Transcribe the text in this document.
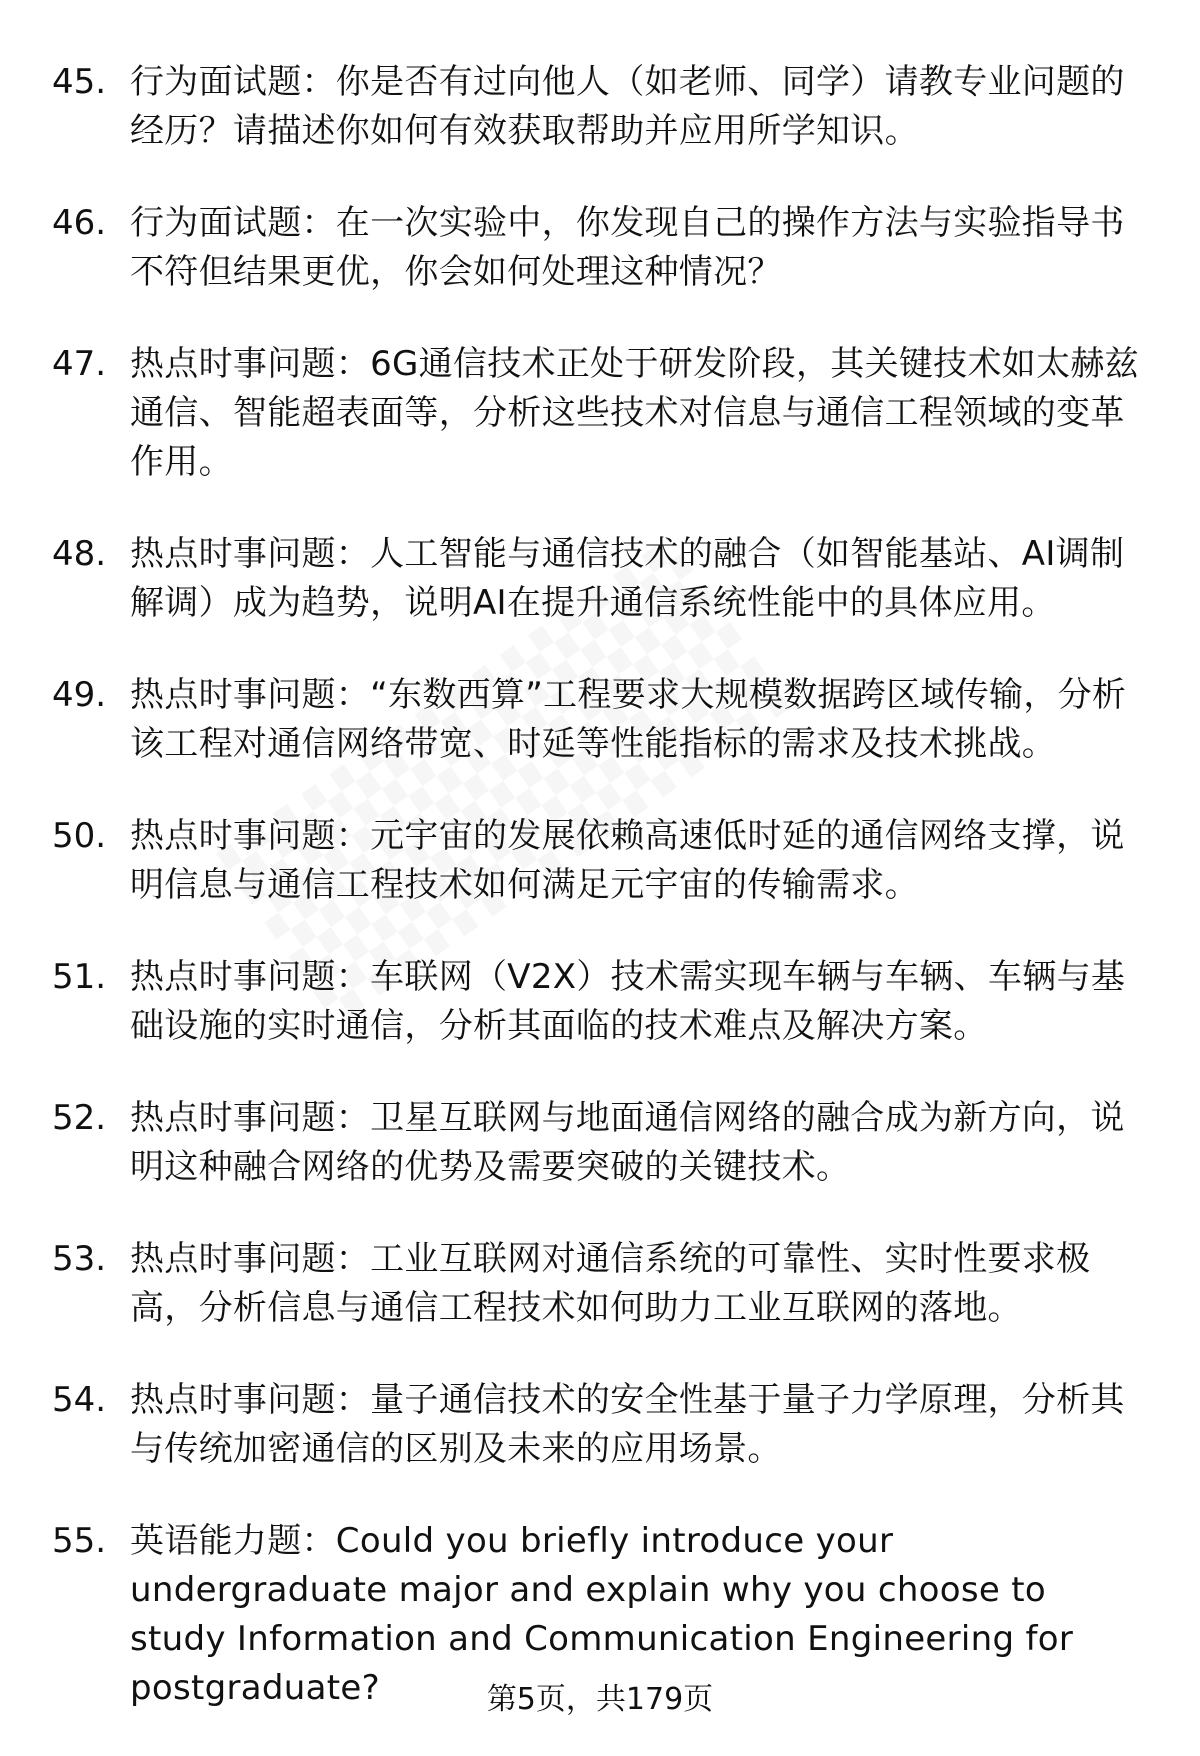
45. 行为面试题：你是否有过向他人（如老师、同学）请教专业问题的经历？请描述你如何有效获取帮助并应用所学知识。
46. 行为面试题：在一次实验中，你发现自己的操作方法与实验指导书不符但结果更优，你会如何处理这种情况？
47. 热点时事问题：6G通信技术正处于研发阶段，其关键技术如太赫兹通信、智能超表面等，分析这些技术对信息与通信工程领域的变革作用。
48. 热点时事问题：人工智能与通信技术的融合（如智能基站、AI调制解调）成为趋势，说明AI在提升通信系统性能中的具体应用。
49. 热点时事问题：“东数西算”工程要求大规模数据跨区域传输，分析该工程对通信网络带宽、时延等性能指标的需求及技术挑战。
50. 热点时事问题：元宇宙的发展依赖高速低时延的通信网络支撑，说明信息与通信工程技术如何满足元宇宙的传输需求。
51. 热点时事问题：车联网（V2X）技术需实现车辆与车辆、车辆与基础设施的实时通信，分析其面临的技术难点及解决方案。
52. 热点时事问题：卫星互联网与地面通信网络的融合成为新方向，说明这种融合网络的优势及需要突破的关键技术。
53. 热点时事问题：工业互联网对通信系统的可靠性、实时性要求极高，分析信息与通信工程技术如何助力工业互联网的落地。
54. 热点时事问题：量子通信技术的安全性基于量子力学原理，分析其与传统加密通信的区别及未来的应用场景。
55. 英语能力题：Could you briefly introduce your undergraduate major and explain why you choose to study Information and Communication Engineering for postgraduate?	第5页，共179页
